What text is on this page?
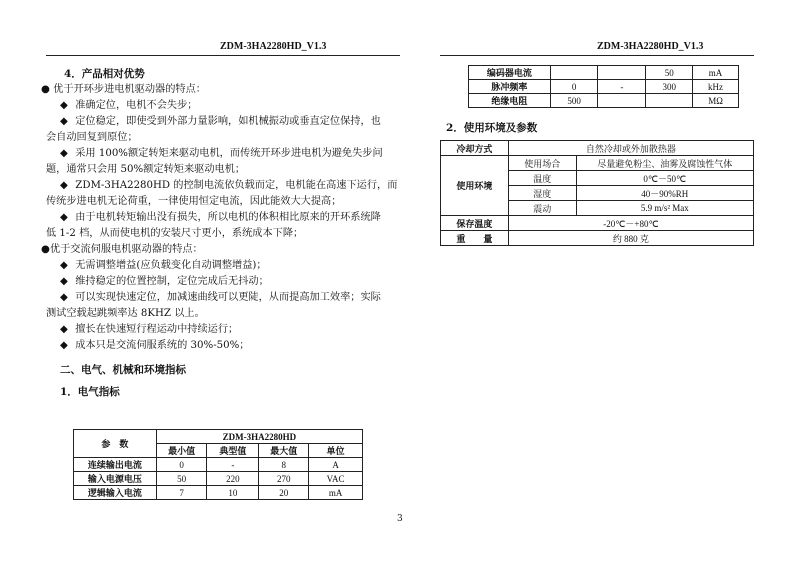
ZDM-3HA2280HD_V1.3	ZDM-3HA2280HD_V1.3

4．产品相对优势

● 优于开环步进电机驱动器的特点：

◆ 准确定位，电机不会失步；

◆ 定位稳定，即使受到外部力量影响，如机械振动或垂直定位保持，也

会自动回复到原位；

◆ 采用 100%额定转矩来驱动电机，而传统开环步进电机为避免失步问

题，通常只会用 50%额定转矩来驱动电机；

◆ ZDM-3HA2280HD 的控制电流依负载而定，电机能在高速下运行，而

传统步进电机无论荷重，一律使用恒定电流，因此能效大大提高；

◆ 由于电机转矩输出没有损失，所以电机的体积相比原来的开环系统降

低 1-2 档，从而使电机的安装尺寸更小，系统成本下降；

●优于交流伺服电机驱动器的特点：

◆ 无需调整增益(应负载变化自动调整增益)；

◆ 维持稳定的位置控制，定位完成后无抖动；

◆ 可以实现快速定位，加减速曲线可以更陡，从而提高加工效率；实际

测试空载起跳频率达 8KHZ 以上。

◆ 擅长在快速短行程运动中持续运行；

◆ 成本只是交流伺服系统的 30%-50%；

二、电气、机械和环境指标

1．电气指标

参　数	ZDM-3HA2280HD			
	最小值	典型值	最大值	单位
连续输出电流	0	-	8	A
输入电源电压	50	220	270	VAC
逻辑输入电流	7	10	20	mA
3
编码器电流			50	mA
脉冲频率	0	-	300	kHz
绝缘电阻	500			MΩ
2．使用环境及参数
冷却方式	自然冷却或外加散热器	
使用环境	使用场合	尽量避免粉尘、油雾及腐蚀性气体
	温度	0℃－50℃
	湿度	40－90%RH
	震动	5.9 m/s² Max
保存温度	-20℃－+80℃	
重　　量	约 880 克	
